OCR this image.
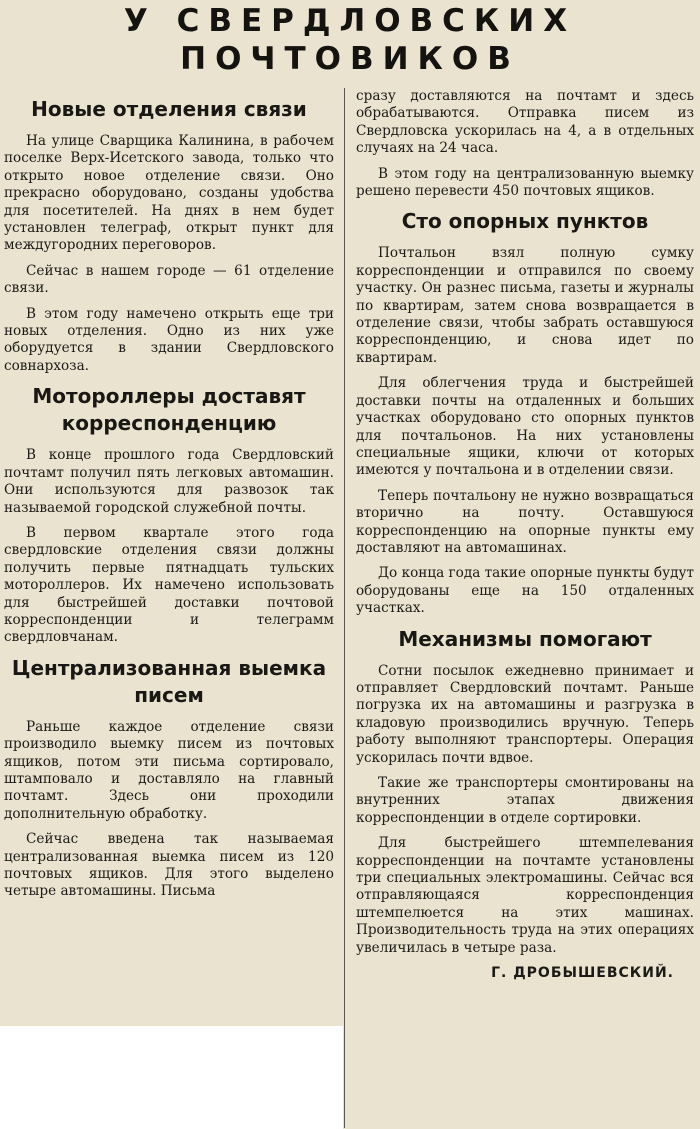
У СВЕРДЛОВСКИХ ПОЧТОВИКОВ
Новые отделения связи

На улице Сварщика Калинина, в рабочем поселке Верх-Исетского завода, только что открыто новое отделение связи. Оно прекрасно оборудовано, созданы удобства для посетителей. На днях в нем будет установлен телеграф, открыт пункт для междугородних переговоров.

Сейчас в нашем городе — 61 отделение связи.

В этом году намечено открыть еще три новых отделения. Одно из них уже оборудуется в здании Свердловского совнархоза.

Мотороллеры доставят корреспонденцию

В конце прошлого года Свердловский почтамт получил пять легковых автомашин. Они используются для развозок так называемой городской служебной почты.

В первом квартале этого года свердловские отделения связи должны получить первые пятнадцать тульских мотороллеров. Их намечено использовать для быстрейшей доставки почтовой корреспонденции и телеграмм свердловчанам.

Централизованная выемка писем

Раньше каждое отделение связи производило выемку писем из почтовых ящиков, потом эти письма сортировало, штамповало и доставляло на главный почтамт. Здесь они проходили дополнительную обработку.

Сейчас введена так называемая централизованная выемка писем из 120 почтовых ящиков. Для этого выделено четыре автомашины. Письма

сразу доставляются на почтамт и здесь обрабатываются. Отправка писем из Свердловска ускорилась на 4, а в отдельных случаях на 24 часа.

В этом году на централизованную выемку решено перевести 450 почтовых ящиков.

Сто опорных пунктов

Почтальон взял полную сумку корреспонденции и отправился по своему участку. Он разнес письма, газеты и журналы по квартирам, затем снова возвращается в отделение связи, чтобы забрать оставшуюся корреспонденцию, и снова идет по квартирам.

Для облегчения труда и быстрейшей доставки почты на отдаленных и больших участках оборудовано сто опорных пунктов для почтальонов. На них установлены специальные ящики, ключи от которых имеются у почтальона и в отделении связи.

Теперь почтальону не нужно возвращаться вторично на почту. Оставшуюся корреспонденцию на опорные пункты ему доставляют на автомашинах.

До конца года такие опорные пункты будут оборудованы еще на 150 отдаленных участках.

Механизмы помогают

Сотни посылок ежедневно принимает и отправляет Свердловский почтамт. Раньше погрузка их на автомашины и разгрузка в кладовую производились вручную. Теперь работу выполняют транспортеры. Операция ускорилась почти вдвое.

Такие же транспортеры смонтированы на внутренних этапах движения корреспонденции в отделе сортировки.

Для быстрейшего штемпелевания корреспонденции на почтамте установлены три специальных электромашины. Сейчас вся отправляющаяся корреспонденция штемпелюется на этих машинах. Производительность труда на этих операциях увеличилась в четыре раза.

Г. ДРОБЫШЕВСКИЙ.
